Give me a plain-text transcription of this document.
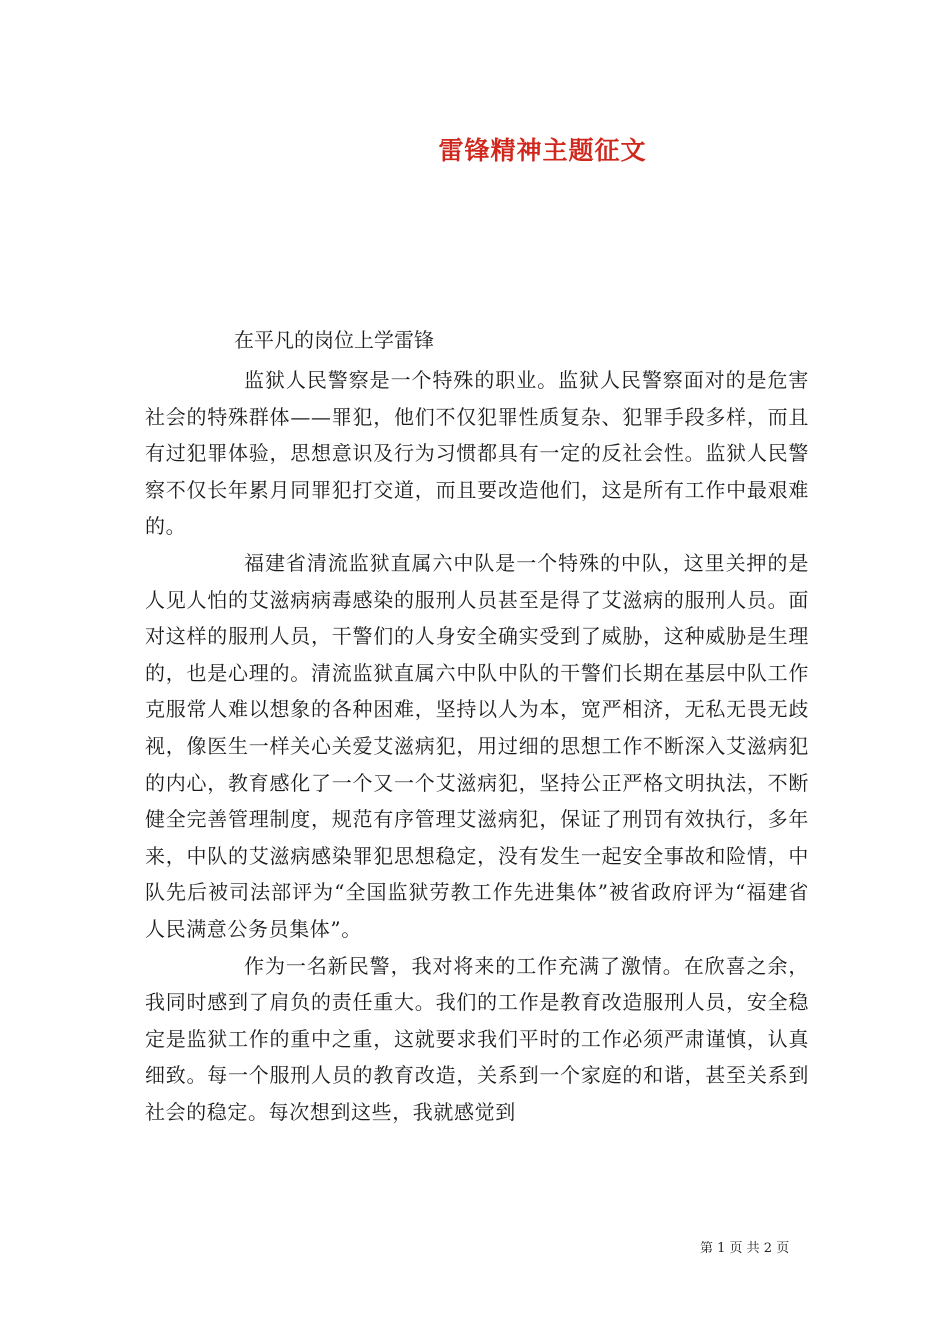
雷锋精神主题征文
在平凡的岗位上学雷锋

监狱人民警察是一个特殊的职业。监狱人民警察面对的是危害社会的特殊群体——罪犯，他们不仅犯罪性质复杂、犯罪手段多样，而且有过犯罪体验，思想意识及行为习惯都具有一定的反社会性。监狱人民警察不仅长年累月同罪犯打交道，而且要改造他们，这是所有工作中最艰难的。

福建省清流监狱直属六中队是一个特殊的中队，这里关押的是人见人怕的艾滋病病毒感染的服刑人员甚至是得了艾滋病的服刑人员。面对这样的服刑人员，干警们的人身安全确实受到了威胁，这种威胁是生理的，也是心理的。清流监狱直属六中队中队的干警们长期在基层中队工作克服常人难以想象的各种困难，坚持以人为本，宽严相济，无私无畏无歧视，像医生一样关心关爱艾滋病犯，用过细的思想工作不断深入艾滋病犯的内心，教育感化了一个又一个艾滋病犯，坚持公正严格文明执法，不断健全完善管理制度，规范有序管理艾滋病犯，保证了刑罚有效执行，多年来，中队的艾滋病感染罪犯思想稳定，没有发生一起安全事故和险情，中队先后被司法部评为“全国监狱劳教工作先进集体”被省政府评为“福建省人民满意公务员集体”。

作为一名新民警，我对将来的工作充满了激情。在欣喜之余，我同时感到了肩负的责任重大。我们的工作是教育改造服刑人员，安全稳定是监狱工作的重中之重，这就要求我们平时的工作必须严肃谨慎，认真细致。每一个服刑人员的教育改造，关系到一个家庭的和谐，甚至关系到社会的稳定。每次想到这些，我就感觉到

第 1 页 共 2 页
